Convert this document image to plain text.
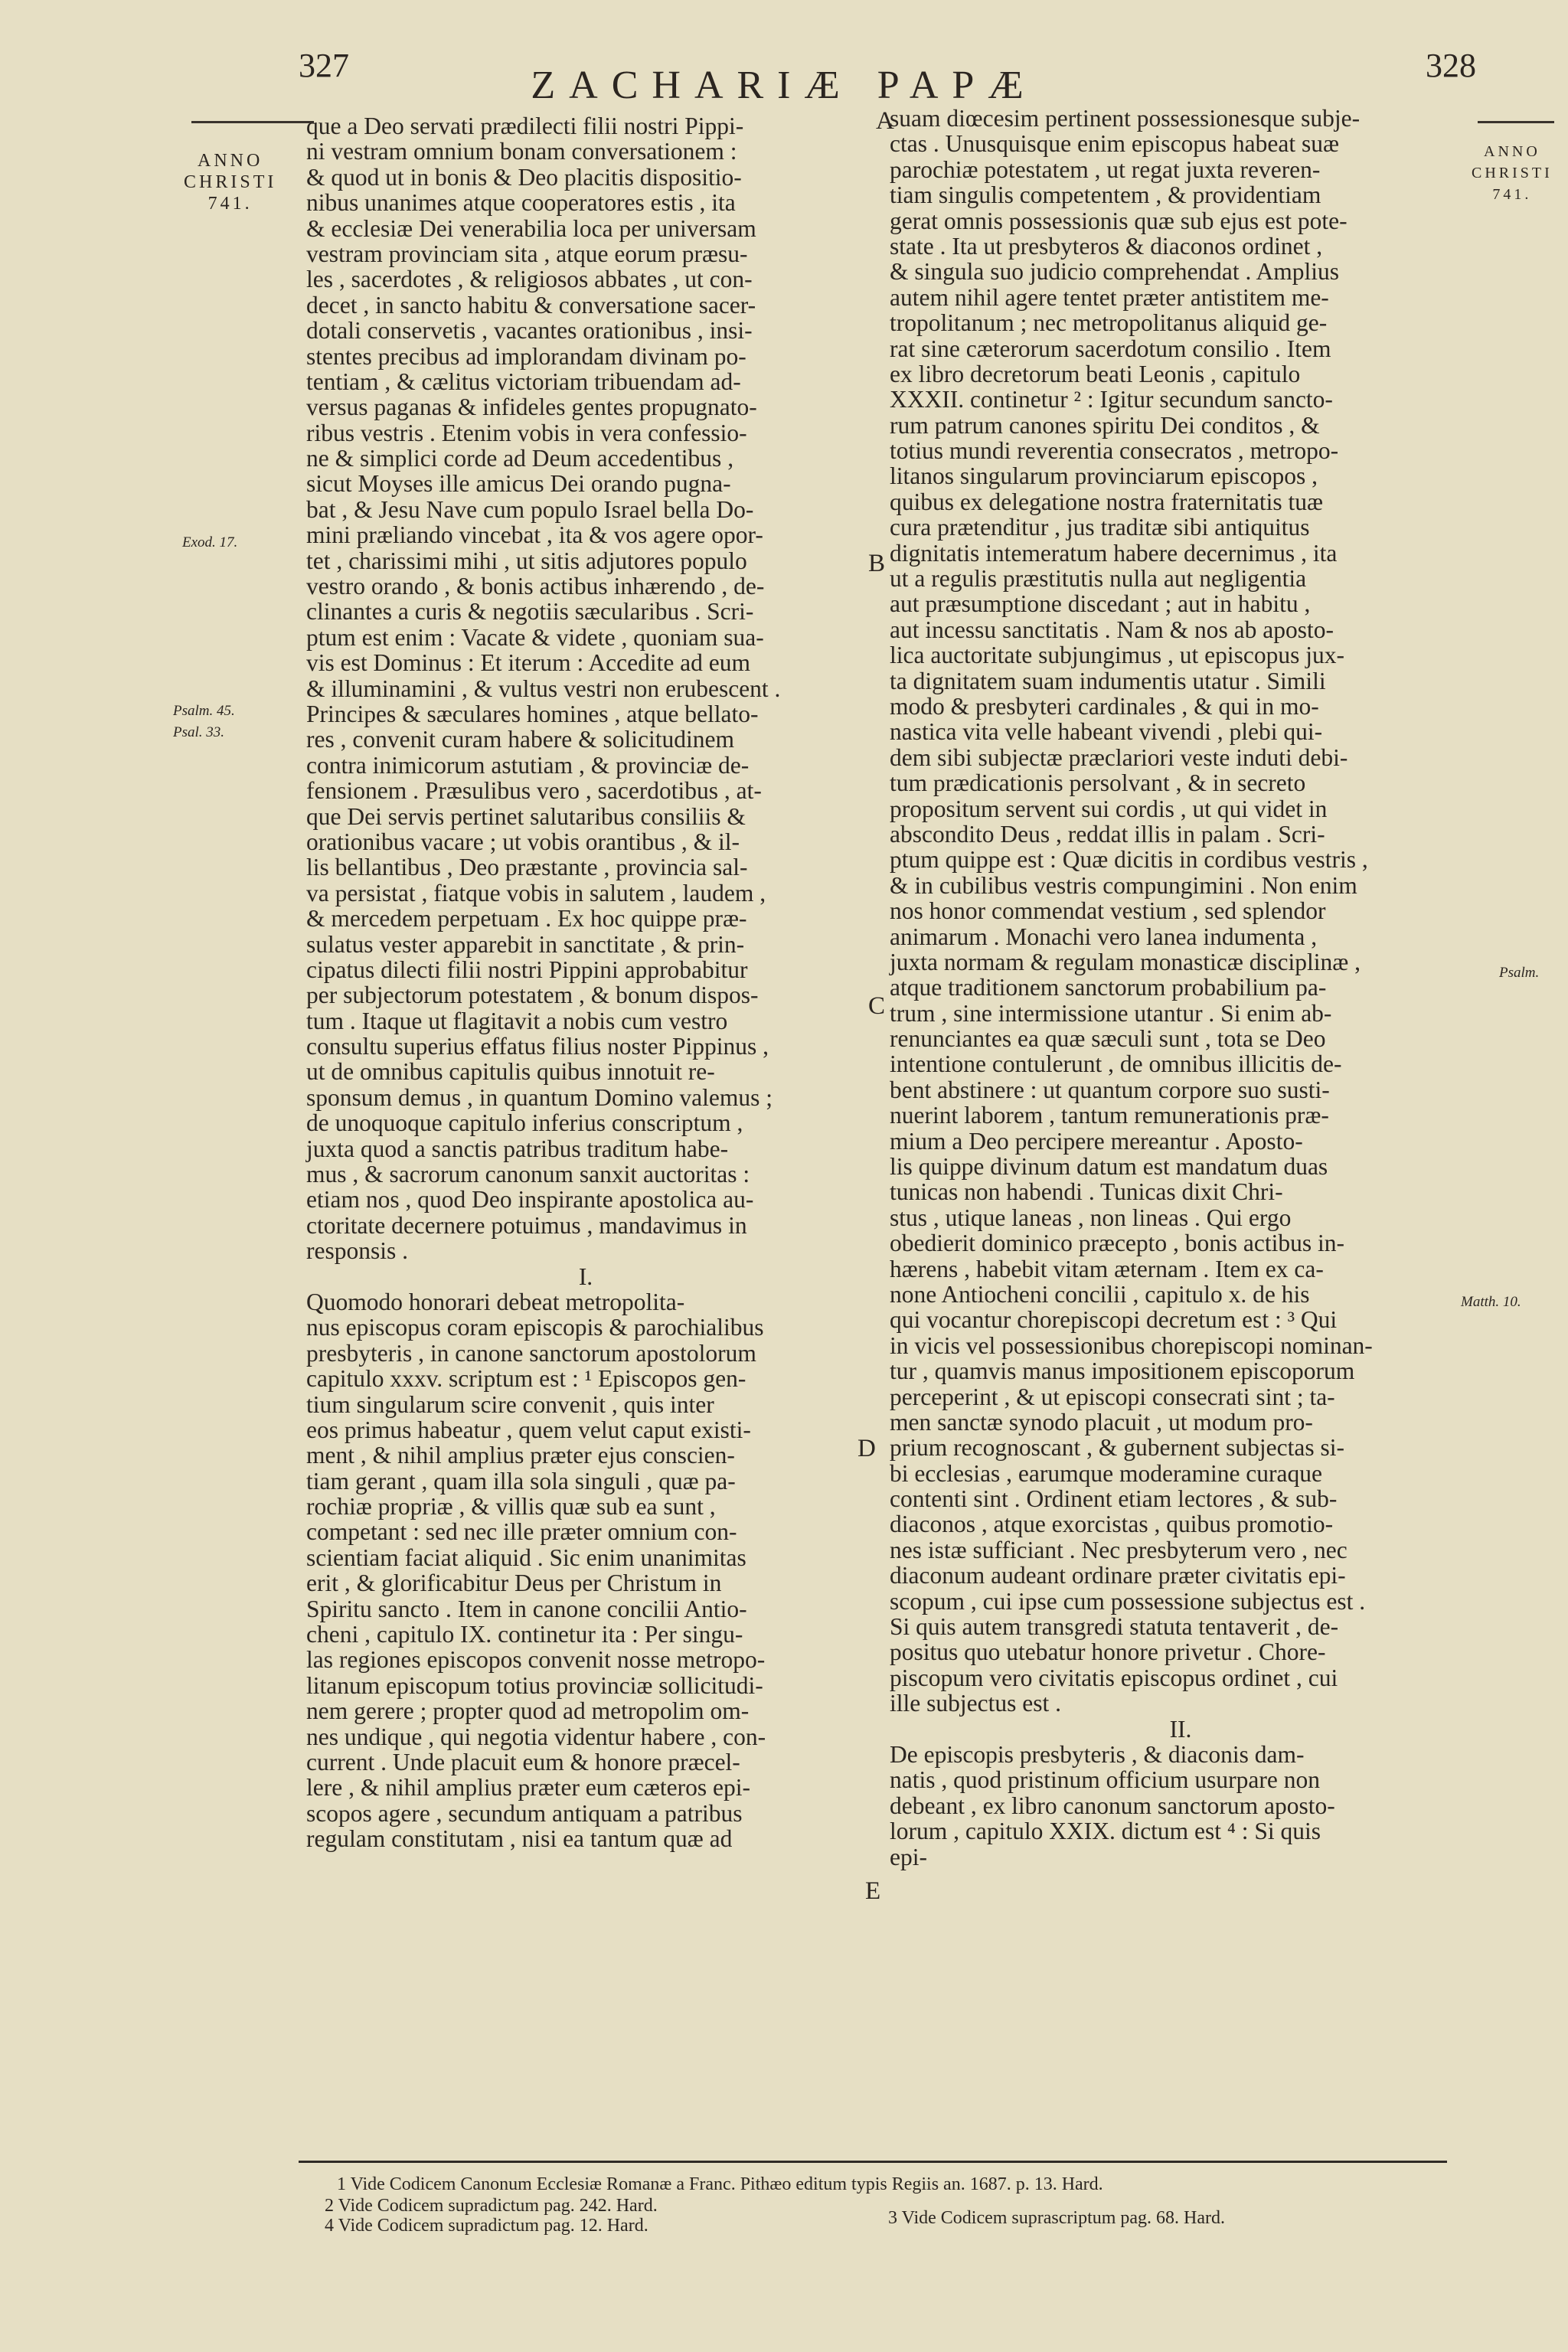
327	ZACHARIÆ PAPÆ	328
ANNO
CHRISTI
741.
ANNO
CHRISTI
741.
Exod. 17.
Psalm. 45.
Psal. 33.
Psalm.
Matth. 10.
A
B
C
D
E
que a Deo servati prædilecti filii nostri Pippi-
ni vestram omnium bonam conversationem :
& quod ut in bonis & Deo placitis dispositio-
nibus unanimes atque cooperatores estis , ita
& ecclesiæ Dei venerabilia loca per universam
vestram provinciam sita , atque eorum præsu-
les , sacerdotes , & religiosos abbates , ut con-
decet , in sancto habitu & conversatione sacer-
dotali conservetis , vacantes orationibus , insi-
stentes precibus ad implorandam divinam po-
tentiam , & cælitus victoriam tribuendam ad-
versus paganas & infideles gentes propugnato-
ribus vestris . Etenim vobis in vera confessio-
ne & simplici corde ad Deum accedentibus ,
sicut Moyses ille amicus Dei orando pugna-
bat , & Jesu Nave cum populo Israel bella Do-
mini præliando vincebat , ita & vos agere opor-
tet , charissimi mihi , ut sitis adjutores populo
vestro orando , & bonis actibus inhærendo , de-
clinantes a curis & negotiis sæcularibus . Scri-
ptum est enim : Vacate & videte , quoniam sua-
vis est Dominus : Et iterum : Accedite ad eum
& illuminamini , & vultus vestri non erubescent .
Principes & sæculares homines , atque bellato-
res , convenit curam habere & solicitudinem
contra inimicorum astutiam , & provinciæ de-
fensionem . Præsulibus vero , sacerdotibus , at-
que Dei servis pertinet salutaribus consiliis &
orationibus vacare ; ut vobis orantibus , & il-
lis bellantibus , Deo præstante , provincia sal-
va persistat , fiatque vobis in salutem , laudem ,
& mercedem perpetuam . Ex hoc quippe præ-
sulatus vester apparebit in sanctitate , & prin-
cipatus dilecti filii nostri Pippini approbabitur
per subjectorum potestatem , & bonum dispos-
tum . Itaque ut flagitavit a nobis cum vestro
consultu superius effatus filius noster Pippinus ,
ut de omnibus capitulis quibus innotuit re-
sponsum demus , in quantum Domino valemus ;
de unoquoque capitulo inferius conscriptum ,
juxta quod a sanctis patribus traditum habe-
mus , & sacrorum canonum sanxit auctoritas :
etiam nos , quod Deo inspirante apostolica au-
ctoritate decernere potuimus , mandavimus in
responsis .
I.
Quomodo honorari debeat metropolita-
nus episcopus coram episcopis & parochialibus
presbyteris , in canone sanctorum apostolorum
capitulo xxxv. scriptum est : ¹ Episcopos gen-
tium singularum scire convenit , quis inter
eos primus habeatur , quem velut caput existi-
ment , & nihil amplius præter ejus conscien-
tiam gerant , quam illa sola singuli , quæ pa-
rochiæ propriæ , & villis quæ sub ea sunt ,
competant : sed nec ille præter omnium con-
scientiam faciat aliquid . Sic enim unanimitas
erit , & glorificabitur Deus per Christum in
Spiritu sancto . Item in canone concilii Antio-
cheni , capitulo IX. continetur ita : Per singu-
las regiones episcopos convenit nosse metropo-
litanum episcopum totius provinciæ sollicitudi-
nem gerere ; propter quod ad metropolim om-
nes undique , qui negotia videntur habere , con-
current . Unde placuit eum & honore præcel-
lere , & nihil amplius præter eum cæteros epi-
scopos agere , secundum antiquam a patribus
regulam constitutam , nisi ea tantum quæ ad
suam diœcesim pertinent possessionesque subje-
ctas . Unusquisque enim episcopus habeat suæ
parochiæ potestatem , ut regat juxta reveren-
tiam singulis competentem , & providentiam
gerat omnis possessionis quæ sub ejus est pote-
state . Ita ut presbyteros & diaconos ordinet ,
& singula suo judicio comprehendat . Amplius
autem nihil agere tentet præter antistitem me-
tropolitanum ; nec metropolitanus aliquid ge-
rat sine cæterorum sacerdotum consilio . Item
ex libro decretorum beati Leonis , capitulo
XXXII. continetur ² : Igitur secundum sancto-
rum patrum canones spiritu Dei conditos , &
totius mundi reverentia consecratos , metropo-
litanos singularum provinciarum episcopos ,
quibus ex delegatione nostra fraternitatis tuæ
cura prætenditur , jus traditæ sibi antiquitus
dignitatis intemeratum habere decernimus , ita
ut a regulis præstitutis nulla aut negligentia
aut præsumptione discedant ; aut in habitu ,
aut incessu sanctitatis . Nam & nos ab aposto-
lica auctoritate subjungimus , ut episcopus jux-
ta dignitatem suam indumentis utatur . Simili
modo & presbyteri cardinales , & qui in mo-
nastica vita velle habeant vivendi , plebi qui-
dem sibi subjectæ præclariori veste induti debi-
tum prædicationis persolvant , & in secreto
propositum servent sui cordis , ut qui videt in
abscondito Deus , reddat illis in palam . Scri-
ptum quippe est : Quæ dicitis in cordibus vestris ,
& in cubilibus vestris compungimini . Non enim
nos honor commendat vestium , sed splendor
animarum . Monachi vero lanea indumenta ,
juxta normam & regulam monasticæ disciplinæ ,
atque traditionem sanctorum probabilium pa-
trum , sine intermissione utantur . Si enim ab-
renunciantes ea quæ sæculi sunt , tota se Deo
intentione contulerunt , de omnibus illicitis de-
bent abstinere : ut quantum corpore suo susti-
nuerint laborem , tantum remunerationis præ-
mium a Deo percipere mereantur . Aposto-
lis quippe divinum datum est mandatum duas
tunicas non habendi . Tunicas dixit Chri-
stus , utique laneas , non lineas . Qui ergo
obedierit dominico præcepto , bonis actibus in-
hærens , habebit vitam æternam . Item ex ca-
none Antiocheni concilii , capitulo x. de his
qui vocantur chorepiscopi decretum est : ³ Qui
in vicis vel possessionibus chorepiscopi nominan-
tur , quamvis manus impositionem episcoporum
perceperint , & ut episcopi consecrati sint ; ta-
men sanctæ synodo placuit , ut modum pro-
prium recognoscant , & gubernent subjectas si-
bi ecclesias , earumque moderamine curaque
contenti sint . Ordinent etiam lectores , & sub-
diaconos , atque exorcistas , quibus promotio-
nes istæ sufficiant . Nec presbyterum vero , nec
diaconum audeant ordinare præter civitatis epi-
scopum , cui ipse cum possessione subjectus est .
Si quis autem transgredi statuta tentaverit , de-
positus quo utebatur honore privetur . Chore-
piscopum vero civitatis episcopus ordinet , cui
ille subjectus est .
II.
De episcopis presbyteris , & diaconis dam-
natis , quod pristinum officium usurpare non
debeant , ex libro canonum sanctorum aposto-
lorum , capitulo XXIX. dictum est ⁴ : Si quis
epi-
1 Vide Codicem Canonum Ecclesiæ Romanæ a Franc. Pithæo editum typis Regiis an. 1687. p. 13. Hard.
2 Vide Codicem supradictum pag. 242. Hard.
4 Vide Codicem supradictum pag. 12. Hard.	3 Vide Codicem suprascriptum pag. 68. Hard.
